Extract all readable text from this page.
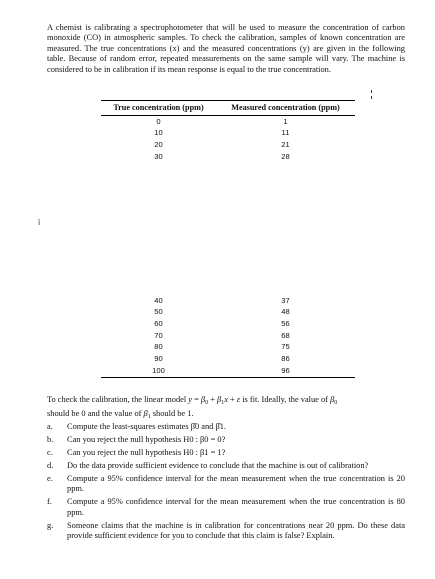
A chemist is calibrating a spectrophotometer that will be used to measure the concentration of carbon monoxide (CO) in atmospheric samples. To check the calibration, samples of known concentration are measured. The true concentrations (x) and the measured concentrations (y) are given in the following table. Because of random error, repeated measurements on the same sample will vary. The machine is considered to be in calibration if its mean response is equal to the true concentration.

True concentration (ppm)	Measured concentration (ppm)
0	1
10	11
20	21
30	28
ì
40	37
50	48
60	56
70	68
80	75
90	86
100	96

To check the calibration, the linear model $y = \beta_0 + \beta_1x + \varepsilon$ is fit. Ideally, the value of $\beta_0$
should be 0 and the value of $\beta_1$ should be 1.

a. Compute the least-squares estimates β̂0 and β̂1.
b. Can you reject the null hypothesis H0 : β0 = 0?
c. Can you reject the null hypothesis H0 : β1 = 1?
d. Do the data provide sufficient evidence to conclude that the machine is out of calibration?
e. Compute a 95% confidence interval for the mean measurement when the true concentration is 20 ppm.
f. Compute a 95% confidence interval for the mean measurement when the true concentration is 80 ppm.
g. Someone claims that the machine is in calibration for concentrations near 20 ppm. Do these data provide sufficient evidence for you to conclude that this claim is false? Explain.
